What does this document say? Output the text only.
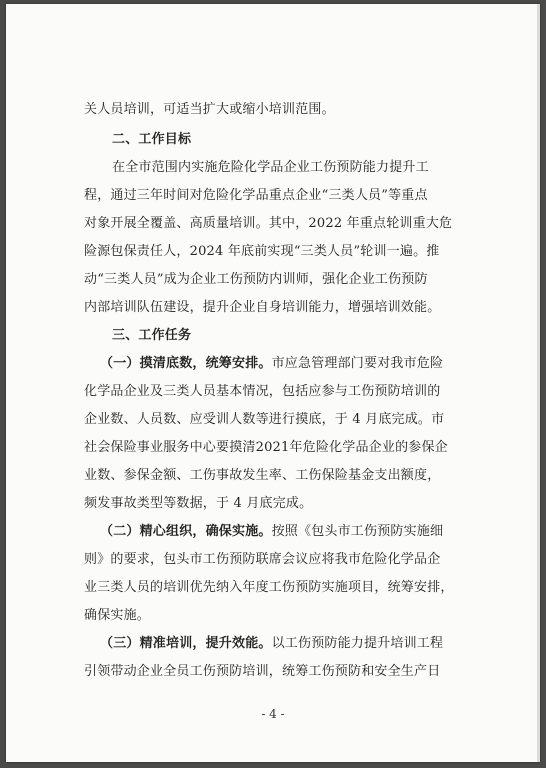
关人员培训，可适当扩大或缩小培训范围。
二、工作目标
在全市范围内实施危险化学品企业工伤预防能力提升工
程，通过三年时间对危险化学品重点企业“三类人员”等重点
对象开展全覆盖、高质量培训。其中，2022 年重点轮训重大危
险源包保责任人，2024 年底前实现“三类人员”轮训一遍。推
动“三类人员”成为企业工伤预防内训师，强化企业工伤预防
内部培训队伍建设，提升企业自身培训能力，增强培训效能。
三、工作任务
（一）摸清底数，统筹安排。市应急管理部门要对我市危险
化学品企业及三类人员基本情况，包括应参与工伤预防培训的
企业数、人员数、应受训人数等进行摸底，于 4 月底完成。市
社会保险事业服务中心要摸清2021年危险化学品企业的参保企
业数、参保金额、工伤事故发生率、工伤保险基金支出额度，
频发事故类型等数据，于 4 月底完成。
（二）精心组织，确保实施。按照《包头市工伤预防实施细
则》的要求，包头市工伤预防联席会议应将我市危险化学品企
业三类人员的培训优先纳入年度工伤预防实施项目，统筹安排，
确保实施。
（三）精准培训，提升效能。以工伤预防能力提升培训工程
引领带动企业全员工伤预防培训，统筹工伤预防和安全生产日
- 4 -
